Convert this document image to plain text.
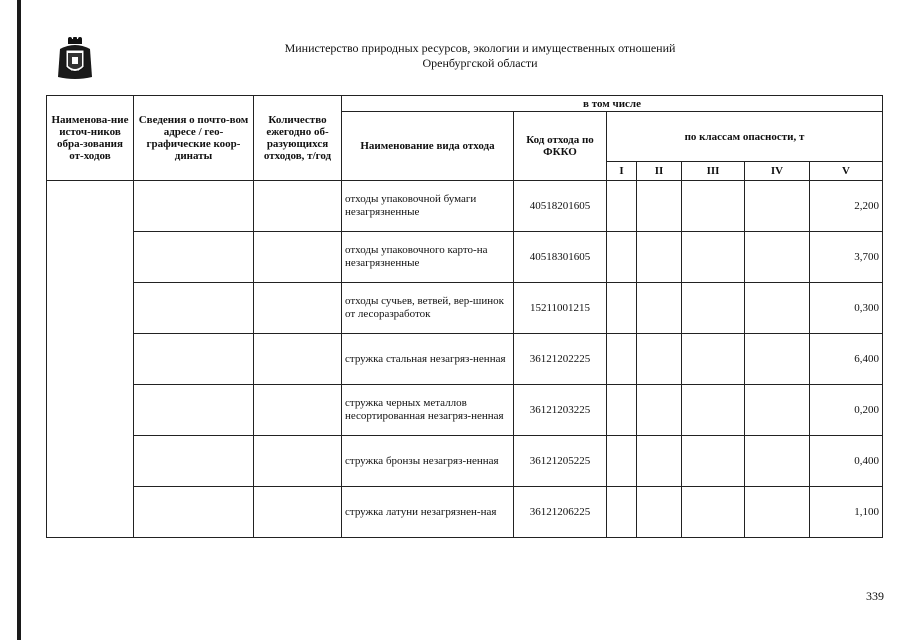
Министерство природных ресурсов, экологии и имущественных отношений
Оренбургской области
Наименова-ние источ-ников обра-зования от-ходов	Сведения о почто-вом адресе / гео-графические коор-динаты	Количество ежегодно об-разующихся отходов, т/год	в том числе						
			Наименование вида отхода	Код отхода по ФККО	по классам опасности, т				
					I	II	III	IV	V
			отходы упаковочной бумаги незагрязненные	40518201605					2,200
			отходы упаковочного карто-на незагрязненные	40518301605					3,700
			отходы сучьев, ветвей, вер-шинок от лесоразработок	15211001215					0,300
			стружка стальная незагряз-ненная	36121202225					6,400
			стружка черных металлов несортированная незагряз-ненная	36121203225					0,200
			стружка бронзы незагряз-ненная	36121205225					0,400
			стружка латуни незагрязнен-ная	36121206225					1,100
339
